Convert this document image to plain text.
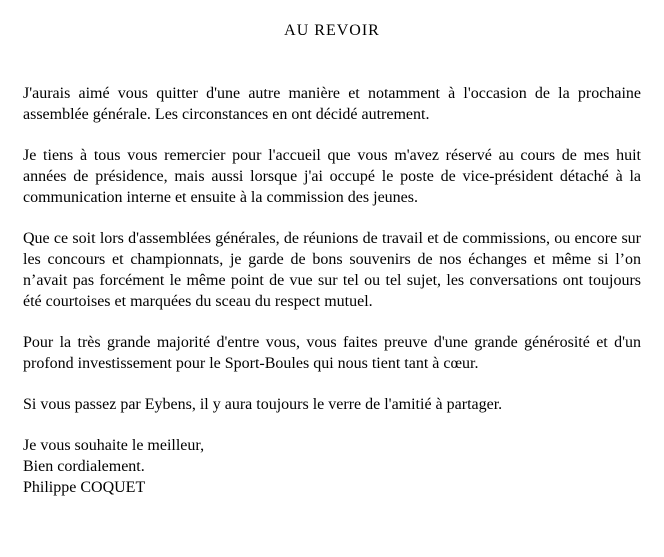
AU REVOIR

J'aurais aimé vous quitter d'une autre manière et notamment à l'occasion de la prochaine assemblée générale. Les circonstances en ont décidé autrement.

Je tiens à tous vous remercier pour l'accueil que vous m'avez réservé au cours de mes huit années de présidence, mais aussi lorsque j'ai occupé le poste de vice-président détaché à la communication interne et ensuite à la commission des jeunes.

Que ce soit lors d'assemblées générales, de réunions de travail et de commissions, ou encore sur les concours et championnats, je garde de bons souvenirs de nos échanges et même si l’on n’avait pas forcément le même point de vue sur tel ou tel sujet, les conversations ont toujours été courtoises et marquées du sceau du respect mutuel.

Pour la très grande majorité d'entre vous, vous faites preuve d'une grande générosité et d'un profond investissement pour le Sport-Boules qui nous tient tant à cœur.

Si vous passez par Eybens, il y aura toujours le verre de l'amitié à partager.

Je vous souhaite le meilleur,

Bien cordialement.

Philippe COQUET
